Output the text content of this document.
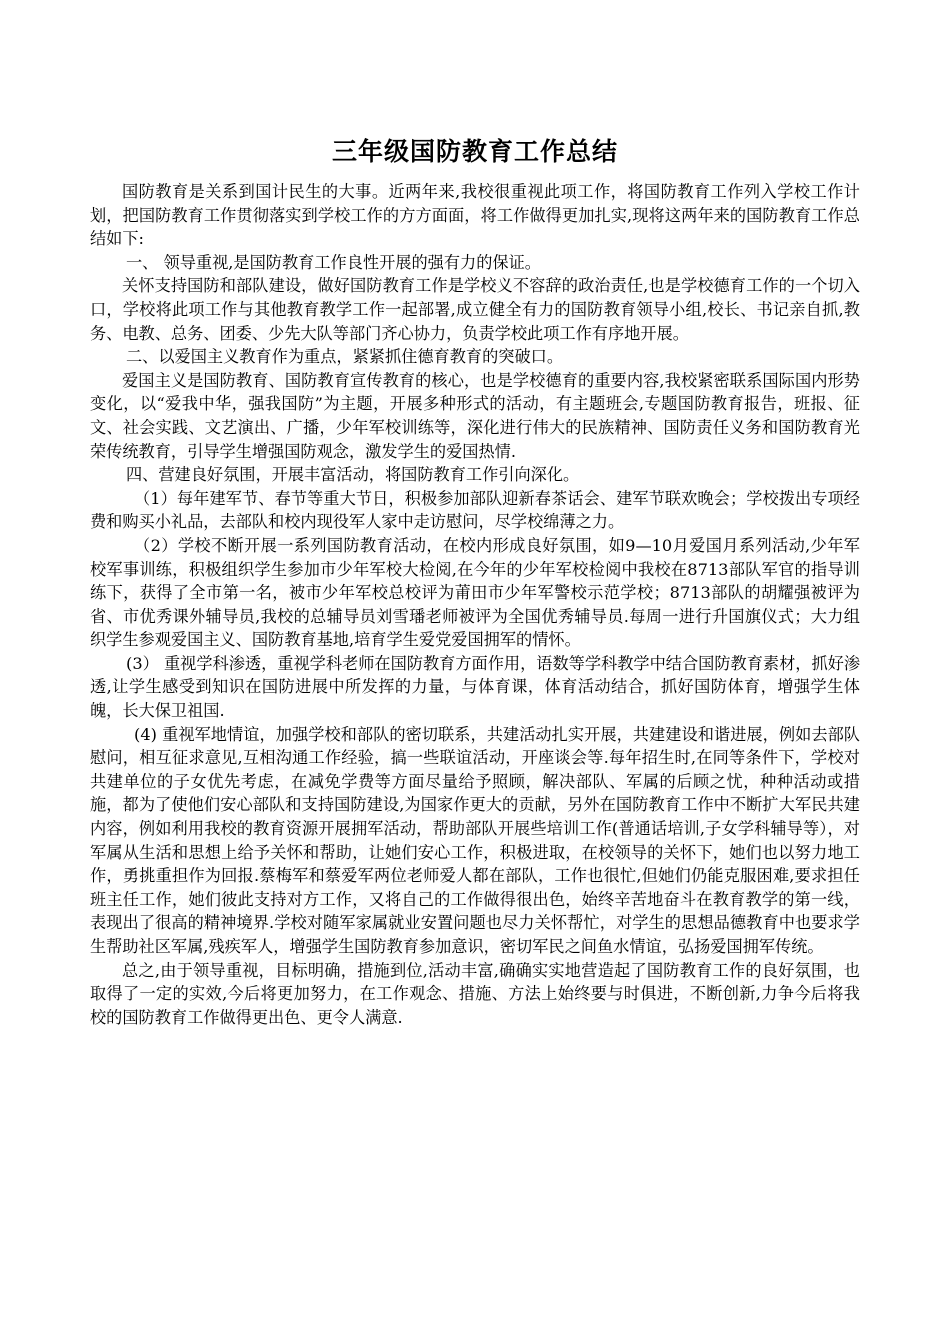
三年级国防教育工作总结

国防教育是关系到国计民生的大事。近两年来,我校很重视此项工作，将国防教育工作列入学校工作计划，把国防教育工作贯彻落实到学校工作的方方面面，将工作做得更加扎实,现将这两年来的国防教育工作总结如下:

一、 领导重视,是国防教育工作良性开展的强有力的保证。

关怀支持国防和部队建设，做好国防教育工作是学校义不容辞的政治责任,也是学校德育工作的一个切入口，学校将此项工作与其他教育教学工作一起部署,成立健全有力的国防教育领导小组,校长、书记亲自抓,教务、电教、总务、团委、少先大队等部门齐心协力，负责学校此项工作有序地开展。

二、以爱国主义教育作为重点，紧紧抓住德育教育的突破口。

爱国主义是国防教育、国防教育宣传教育的核心，也是学校德育的重要内容,我校紧密联系国际国内形势变化，以“爱我中华，强我国防”为主题，开展多种形式的活动，有主题班会,专题国防教育报告，班报、征文、社会实践、文艺演出、广播，少年军校训练等，深化进行伟大的民族精神、国防责任义务和国防教育光荣传统教育，引导学生增强国防观念，激发学生的爱国热情.

四、营建良好氛围，开展丰富活动，将国防教育工作引向深化。

（1）每年建军节、春节等重大节日，积极参加部队迎新春茶话会、建军节联欢晚会；学校拨出专项经费和购买小礼品，去部队和校内现役军人家中走访慰问，尽学校绵薄之力。

（2）学校不断开展一系列国防教育活动，在校内形成良好氛围，如9—10月爱国月系列活动,少年军校军事训练，积极组织学生参加市少年军校大检阅,在今年的少年军校检阅中我校在8713部队军官的指导训练下，获得了全市第一名，被市少年军校总校评为莆田市少年军警校示范学校；8713部队的胡耀强被评为省、市优秀课外辅导员,我校的总辅导员刘雪璠老师被评为全国优秀辅导员.每周一进行升国旗仪式；大力组织学生参观爱国主义、国防教育基地,培育学生爱党爱国拥军的情怀。

(3） 重视学科渗透，重视学科老师在国防教育方面作用，语数等学科教学中结合国防教育素材，抓好渗透,让学生感受到知识在国防进展中所发挥的力量，与体育课，体育活动结合，抓好国防体育，增强学生体魄，长大保卫祖国.

(4) 重视军地情谊，加强学校和部队的密切联系，共建活动扎实开展，共建建设和谐进展，例如去部队慰问，相互征求意见,互相沟通工作经验，搞一些联谊活动，开座谈会等.每年招生时,在同等条件下，学校对共建单位的子女优先考虑，在减免学费等方面尽量给予照顾，解决部队、军属的后顾之忧，种种活动或措施，都为了使他们安心部队和支持国防建设,为国家作更大的贡献，另外在国防教育工作中不断扩大军民共建内容，例如利用我校的教育资源开展拥军活动，帮助部队开展些培训工作(普通话培训,子女学科辅导等），对军属从生活和思想上给予关怀和帮助，让她们安心工作，积极进取，在校领导的关怀下，她们也以努力地工作，勇挑重担作为回报.蔡梅军和蔡爱军两位老师爱人都在部队，工作也很忙,但她们仍能克服困难,要求担任班主任工作，她们彼此支持对方工作，又将自己的工作做得很出色，始终辛苦地奋斗在教育教学的第一线，表现出了很高的精神境界.学校对随军家属就业安置问题也尽力关怀帮忙，对学生的思想品德教育中也要求学生帮助社区军属,残疾军人，增强学生国防教育参加意识，密切军民之间鱼水情谊，弘扬爱国拥军传统。

总之,由于领导重视，目标明确，措施到位,活动丰富,确确实实地营造起了国防教育工作的良好氛围，也取得了一定的实效,今后将更加努力，在工作观念、措施、方法上始终要与时俱进，不断创新,力争今后将我校的国防教育工作做得更出色、更令人满意.
